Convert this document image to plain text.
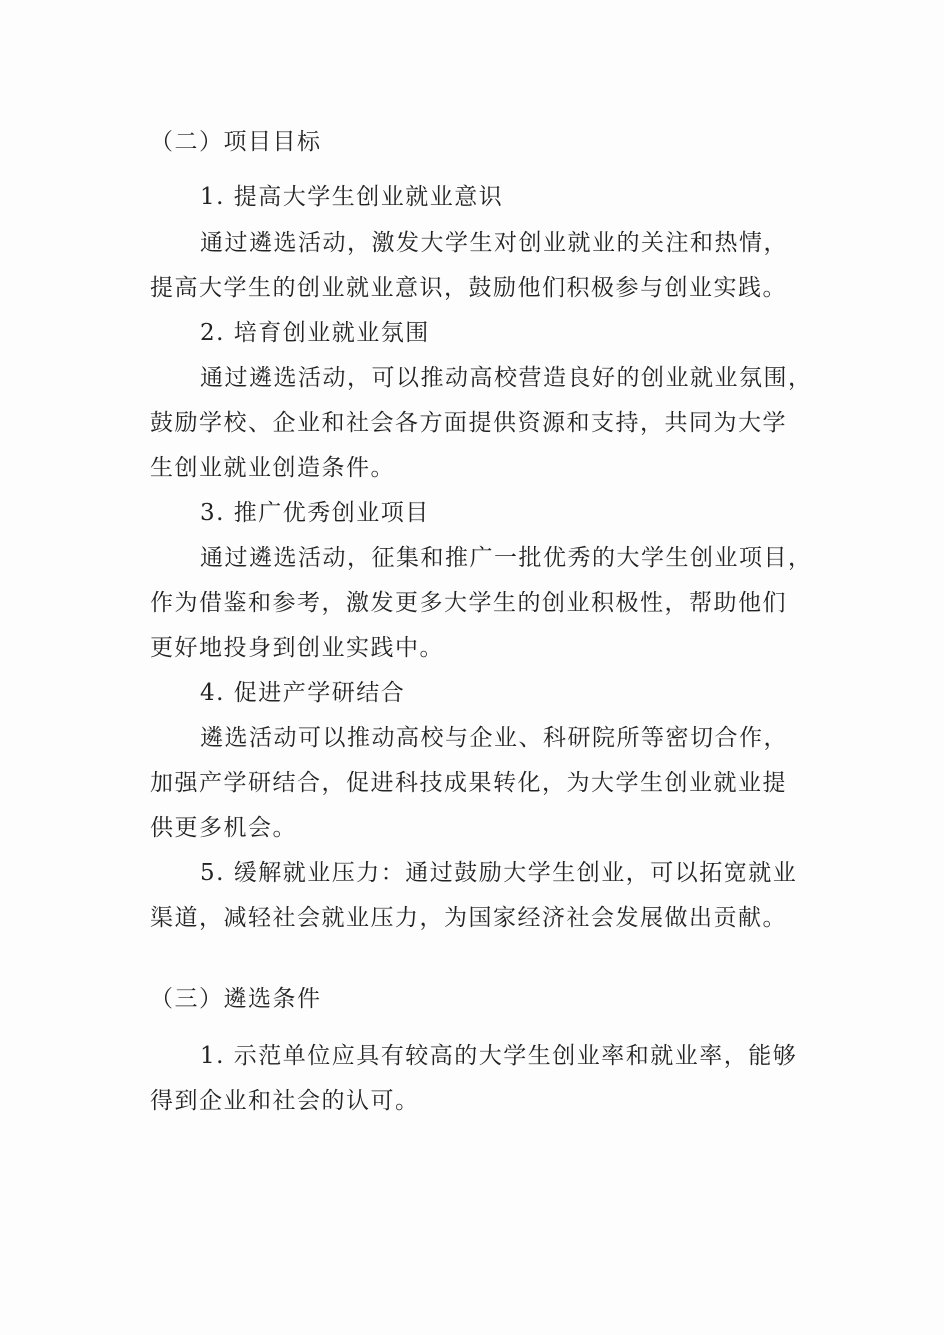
（二）项目目标
1. 提高大学生创业就业意识
通过遴选活动，激发大学生对创业就业的关注和热情，
提高大学生的创业就业意识，鼓励他们积极参与创业实践。
2. 培育创业就业氛围
通过遴选活动，可以推动高校营造良好的创业就业氛围，
鼓励学校、企业和社会各方面提供资源和支持，共同为大学
生创业就业创造条件。
3. 推广优秀创业项目
通过遴选活动，征集和推广一批优秀的大学生创业项目，
作为借鉴和参考，激发更多大学生的创业积极性，帮助他们
更好地投身到创业实践中。
4. 促进产学研结合
遴选活动可以推动高校与企业、科研院所等密切合作，
加强产学研结合，促进科技成果转化，为大学生创业就业提
供更多机会。
5. 缓解就业压力：通过鼓励大学生创业，可以拓宽就业
渠道，减轻社会就业压力，为国家经济社会发展做出贡献。
（三）遴选条件
1. 示范单位应具有较高的大学生创业率和就业率，能够
得到企业和社会的认可。
